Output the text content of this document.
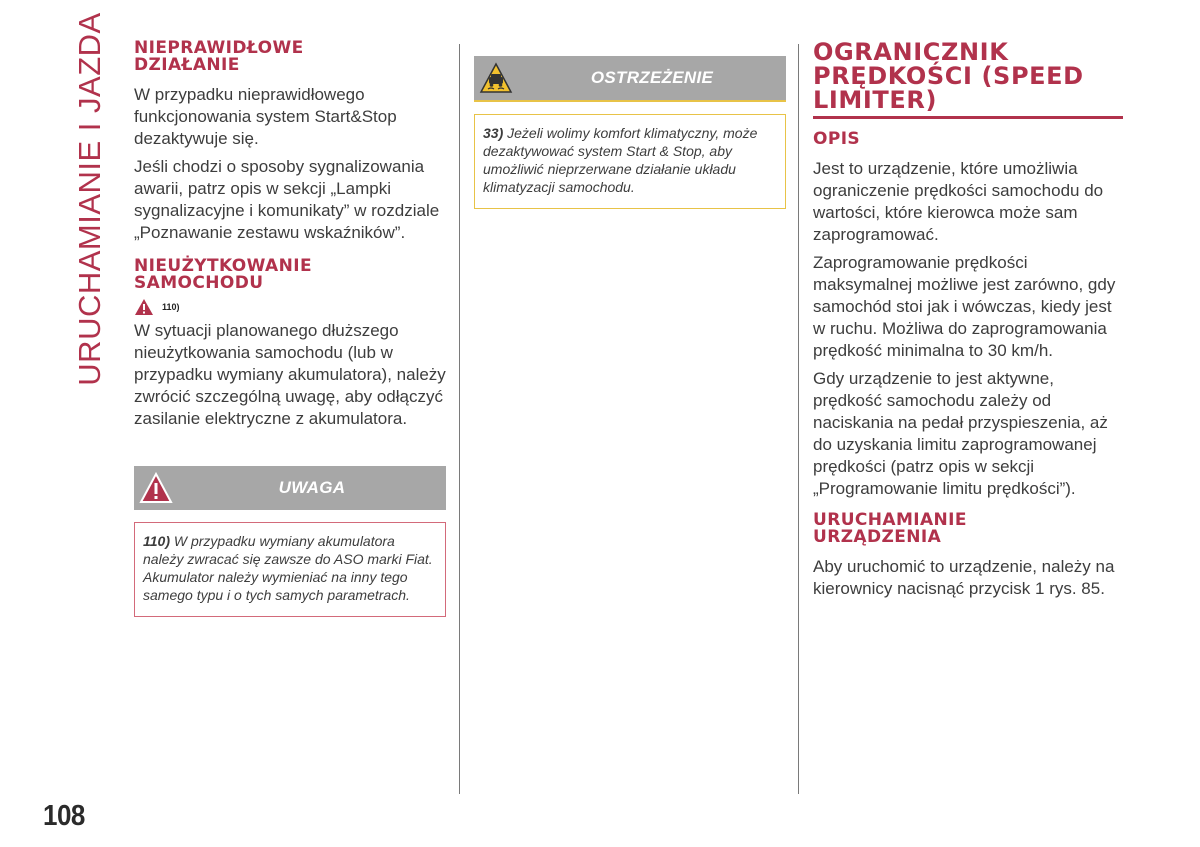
URUCHAMIANIE I JAZDA
108
NIEPRAWIDŁOWE
DZIAŁANIE

W przypadku nieprawidłowego funkcjonowania system Start&Stop dezaktywuje się.

Jeśli chodzi o sposoby sygnalizowania awarii, patrz opis w sekcji „Lampki sygnalizacyjne i komunikaty” w rozdziale „Poznawanie zestawu wskaźników”.

NIEUŻYTKOWANIE
SAMOCHODU
110)

W sytuacji planowanego dłuższego nieużytkowania samochodu (lub w przypadku wymiany akumulatora), należy zwrócić szczególną uwagę, aby odłączyć zasilanie elektryczne z akumulatora.

UWAGA
110) W przypadku wymiany akumulatora należy zwracać się zawsze do ASO marki Fiat. Akumulator należy wymieniać na inny tego samego typu i o tych samych parametrach.
OSTRZEŻENIE
33) Jeżeli wolimy komfort klimatyczny, może dezaktywować system Start & Stop, aby umożliwić nieprzerwane działanie układu klimatyzacji samochodu.
OGRANICZNIK
PRĘDKOŚCI (SPEED
LIMITER)
OPIS

Jest to urządzenie, które umożliwia ograniczenie prędkości samochodu do wartości, które kierowca może sam zaprogramować.

Zaprogramowanie prędkości maksymalnej możliwe jest zarówno, gdy samochód stoi jak i wówczas, kiedy jest w ruchu. Możliwa do zaprogramowania prędkość minimalna to 30 km/h.

Gdy urządzenie to jest aktywne, prędkość samochodu zależy od naciskania na pedał przyspieszenia, aż do uzyskania limitu zaprogramowanej prędkości (patrz opis w sekcji „Programowanie limitu prędkości”).

URUCHAMIANIE
URZĄDZENIA

Aby uruchomić to urządzenie, należy na kierownicy nacisnąć przycisk 1 rys. 85.
